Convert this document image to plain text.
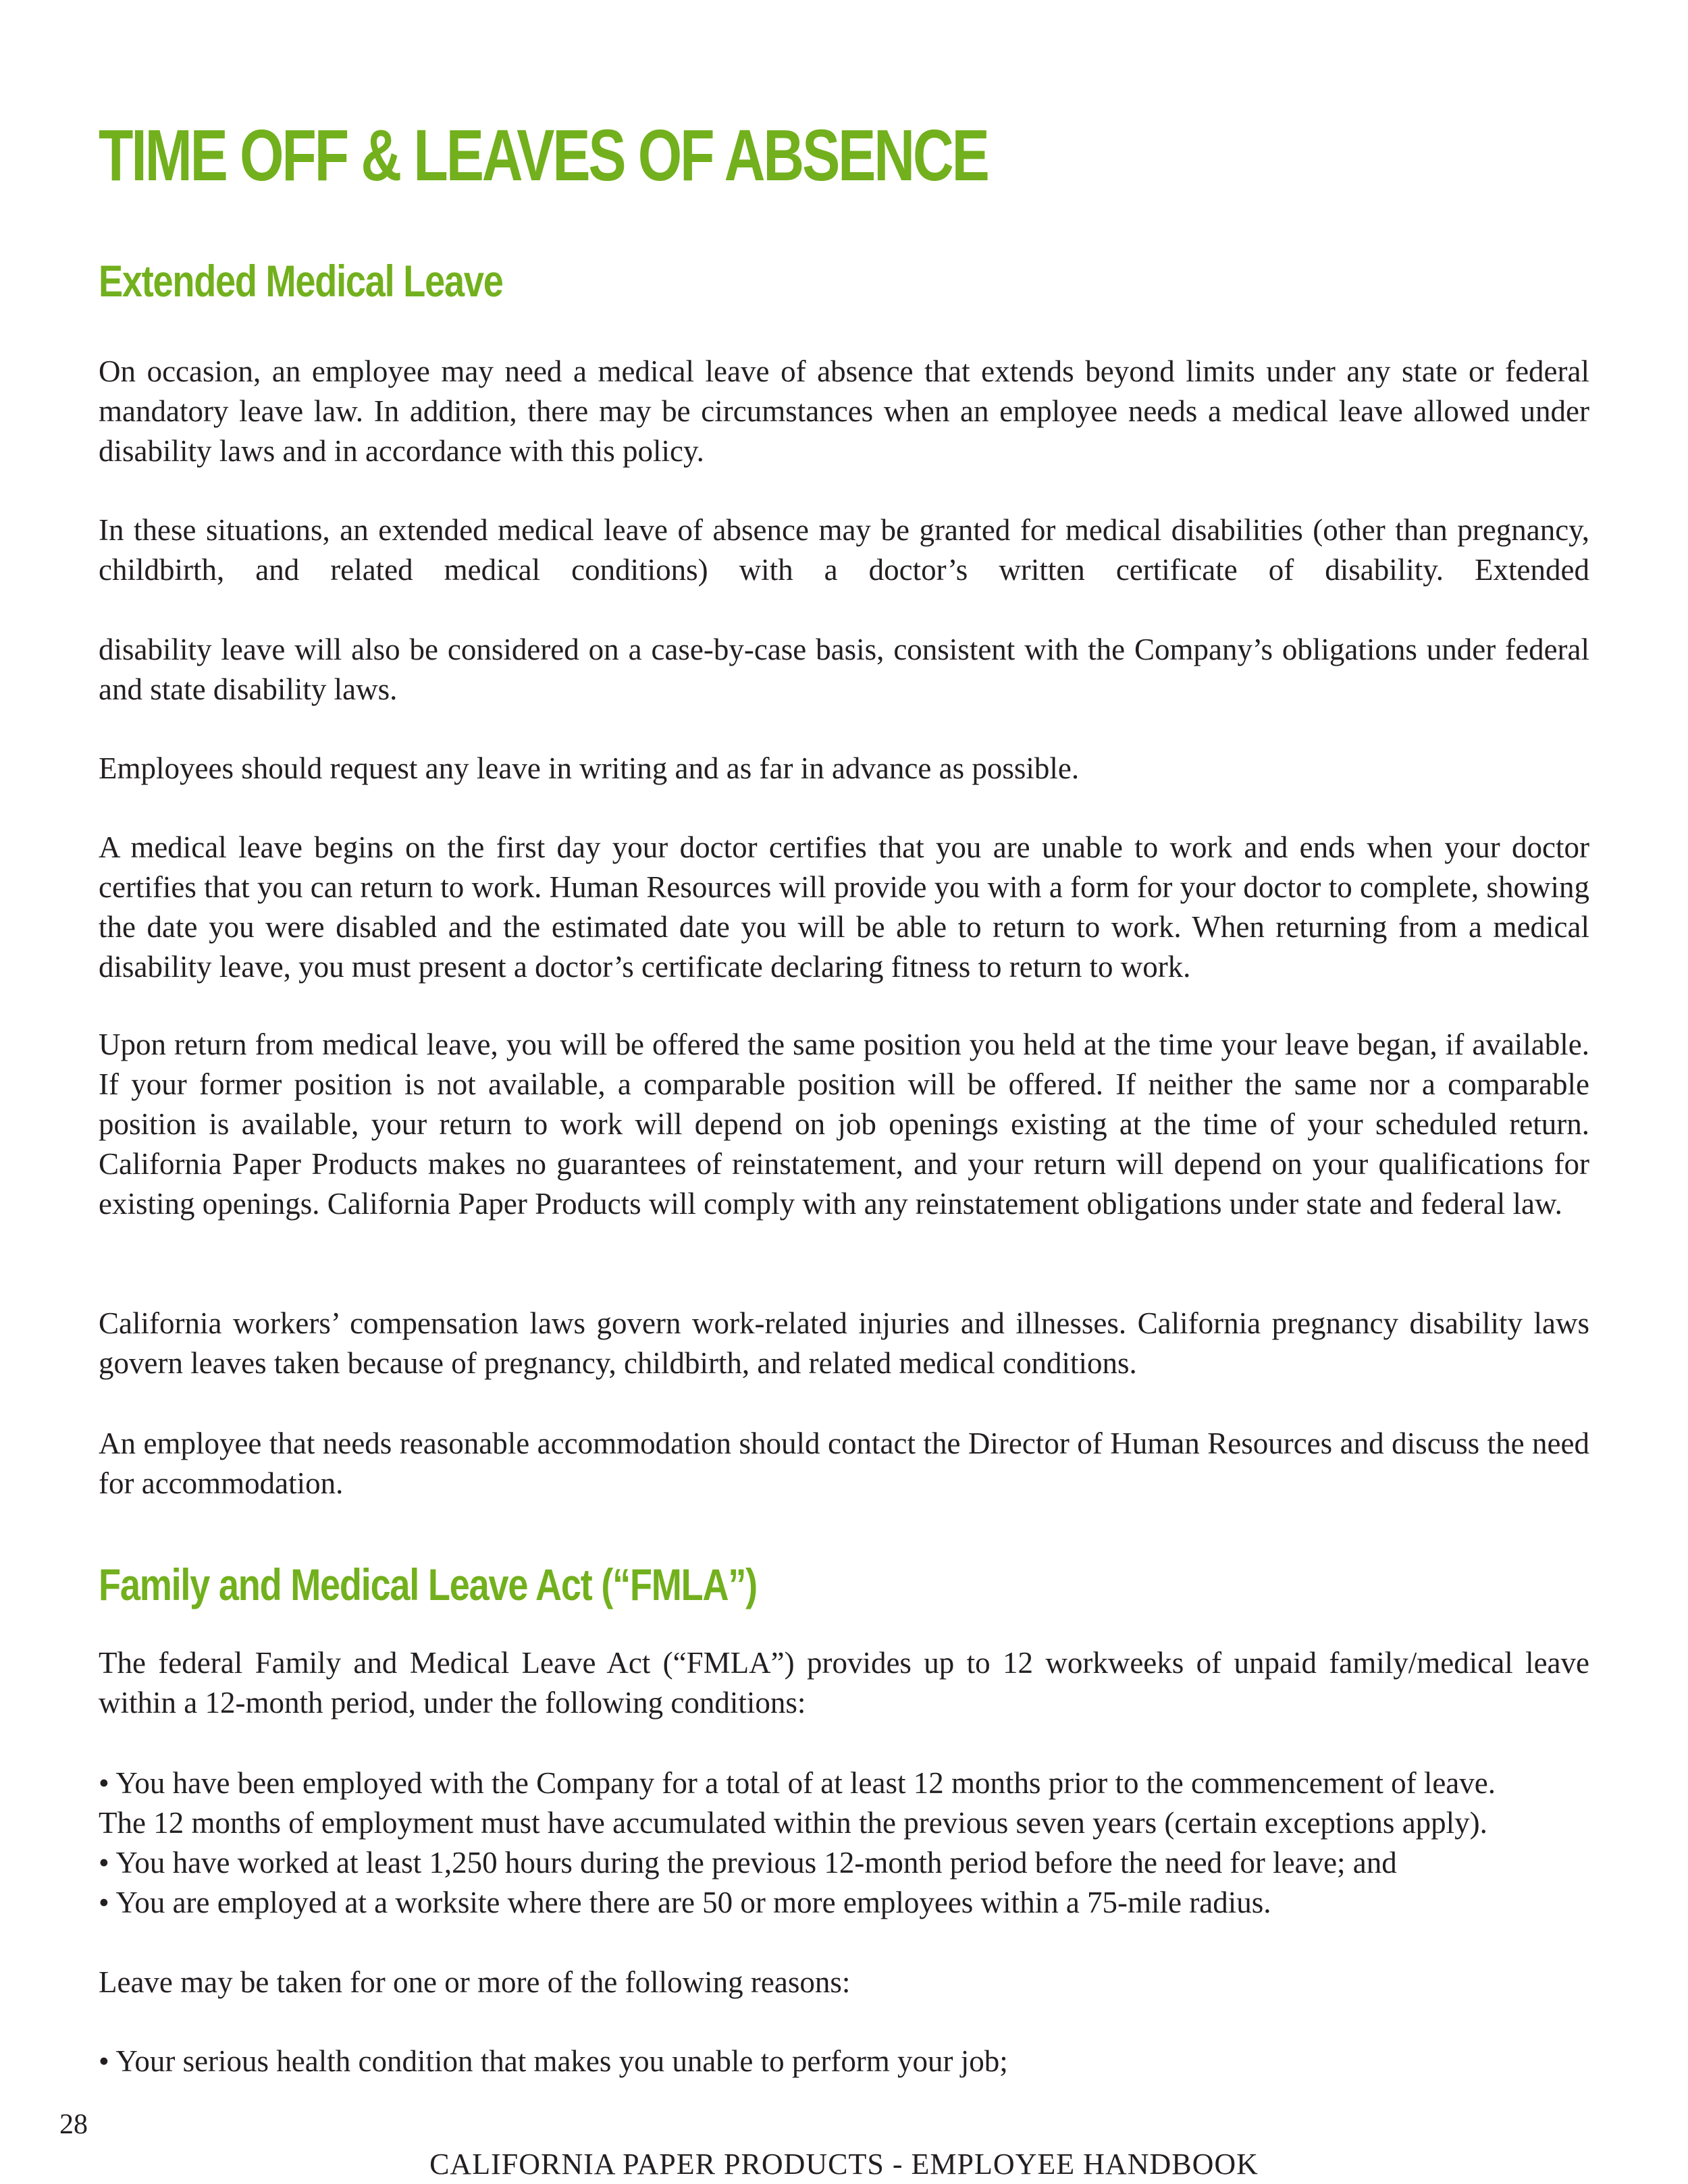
TIME OFF & LEAVES OF ABSENCE
Extended Medical Leave

On occasion, an employee may need a medical leave of absence that extends beyond limits under any state or federal mandatory leave law. In addition, there may be circumstances when an employee needs a medical leave allowed under disability laws and in accordance with this policy.

In these situations, an extended medical leave of absence may be granted for medical disabilities (other than pregnancy, childbirth, and related medical conditions) with a doctor’s written certificate of disability. Extended

disability leave will also be considered on a case-by-case basis, consistent with the Company’s obligations under federal and state disability laws.

Employees should request any leave in writing and as far in advance as possible.

A medical leave begins on the first day your doctor certifies that you are unable to work and ends when your doctor certifies that you can return to work. Human Resources will provide you with a form for your doctor to complete, showing the date you were disabled and the estimated date you will be able to return to work. When returning from a medical disability leave, you must present a doctor’s certificate declaring fitness to return to work.

Upon return from medical leave, you will be offered the same position you held at the time your leave began, if available. If your former position is not available, a comparable position will be offered. If neither the same nor a comparable position is available, your return to work will depend on job openings existing at the time of your scheduled return. California Paper Products makes no guarantees of reinstatement, and your return will depend on your qualifications for existing openings. California Paper Products will comply with any reinstatement obligations under state and federal law.

California workers’ compensation laws govern work-related injuries and illnesses. California pregnancy disability laws govern leaves taken because of pregnancy, childbirth, and related medical conditions.

An employee that needs reasonable accommodation should contact the Director of Human Resources and discuss the need for accommodation.

Family and Medical Leave Act (“FMLA”)

The federal Family and Medical Leave Act (“FMLA”) provides up to 12 workweeks of unpaid family/medical leave within a 12-month period, under the following conditions:

• You have been employed with the Company for a total of at least 12 months prior to the commencement of leave.
The 12 months of employment must have accumulated within the previous seven years (certain exceptions apply).
• You have worked at least 1,250 hours during the previous 12-month period before the need for leave; and
• You are employed at a worksite where there are 50 or more employees within a 75-mile radius.

Leave may be taken for one or more of the following reasons:

• Your serious health condition that makes you unable to perform your job;
28
CALIFORNIA PAPER PRODUCTS - EMPLOYEE HANDBOOK
